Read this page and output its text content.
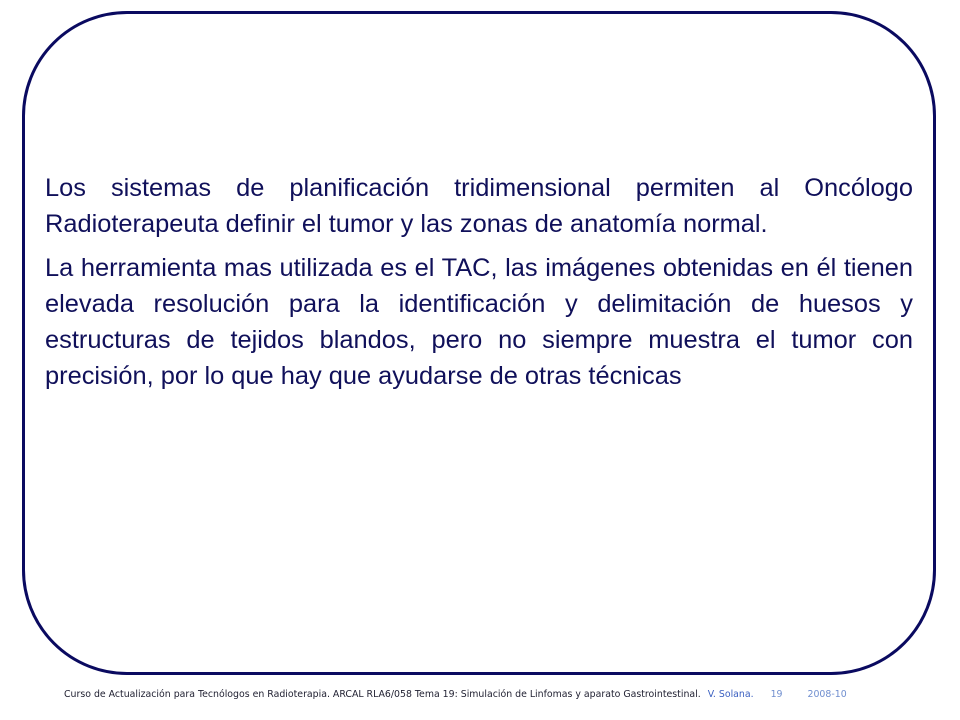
Los sistemas de planificación tridimensional permiten al Oncólogo Radioterapeuta definir el tumor y las zonas de anatomía normal.

La herramienta mas utilizada es el TAC, las imágenes obtenidas en él tienen elevada resolución para la identificación y delimitación de huesos y estructuras de tejidos blandos, pero no siempre muestra el tumor con precisión, por lo que hay que ayudarse de otras técnicas

Curso de Actualización para Tecnólogos en Radioterapia. ARCAL RLA6/058 Tema 19: Simulación de Linfomas y aparato Gastrointestinal. V. Solana. 19	2008-10
